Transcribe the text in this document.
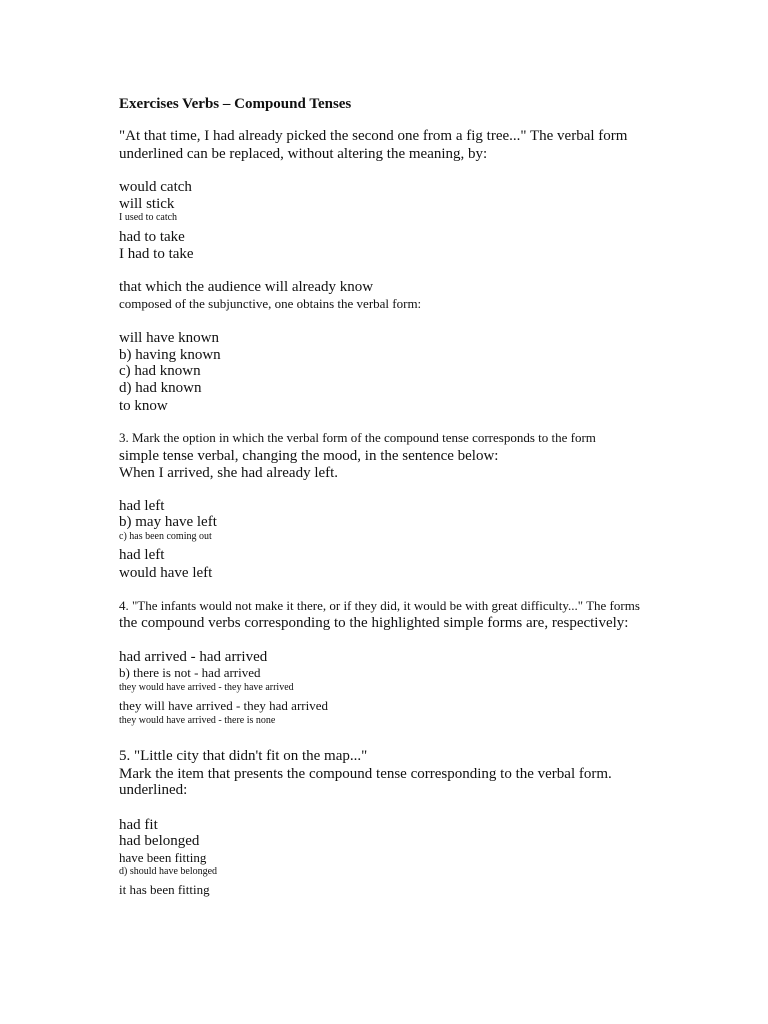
Exercises Verbs – Compound Tenses
"At that time, I had already picked the second one from a fig tree..." The verbal form
underlined can be replaced, without altering the meaning, by:
would catch
will stick
I used to catch
had to take
I had to take
that which the audience will already know
composed of the subjunctive, one obtains the verbal form:
will have known
b) having known
c) had known
d) had known
to know
3. Mark the option in which the verbal form of the compound tense corresponds to the form
simple tense verbal, changing the mood, in the sentence below:
When I arrived, she had already left.
had left
b) may have left
c) has been coming out
had left
would have left
4. "The infants would not make it there, or if they did, it would be with great difficulty..." The forms
the compound verbs corresponding to the highlighted simple forms are, respectively:
had arrived - had arrived
b) there is not - had arrived
they would have arrived - they have arrived
they will have arrived - they had arrived
they would have arrived - there is none
5. "Little city that didn't fit on the map..."
Mark the item that presents the compound tense corresponding to the verbal form.
underlined:
had fit
had belonged
have been fitting
d) should have belonged
it has been fitting
